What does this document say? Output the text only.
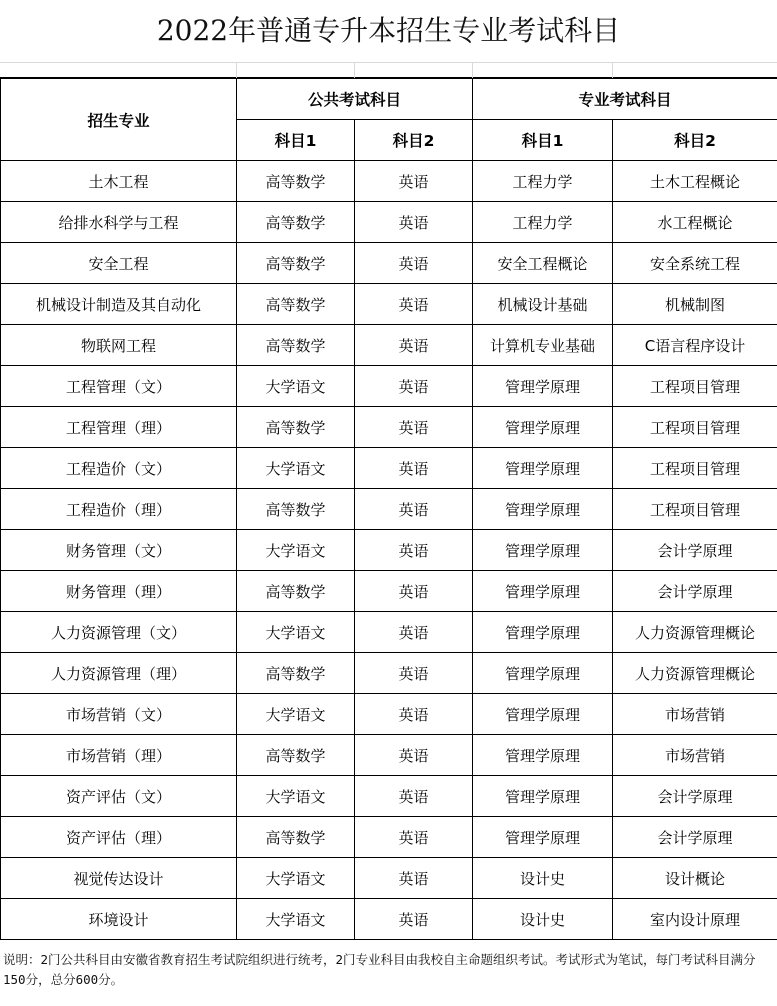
2022年普通专升本招生专业考试科目
招生专业	公共考试科目		专业考试科目	
	科目1	科目2	科目1	科目2
土木工程	高等数学	英语	工程力学	土木工程概论
给排水科学与工程	高等数学	英语	工程力学	水工程概论
安全工程	高等数学	英语	安全工程概论	安全系统工程
机械设计制造及其自动化	高等数学	英语	机械设计基础	机械制图
物联网工程	高等数学	英语	计算机专业基础	C语言程序设计
工程管理（文）	大学语文	英语	管理学原理	工程项目管理
工程管理（理）	高等数学	英语	管理学原理	工程项目管理
工程造价（文）	大学语文	英语	管理学原理	工程项目管理
工程造价（理）	高等数学	英语	管理学原理	工程项目管理
财务管理（文）	大学语文	英语	管理学原理	会计学原理
财务管理（理）	高等数学	英语	管理学原理	会计学原理
人力资源管理（文）	大学语文	英语	管理学原理	人力资源管理概论
人力资源管理（理）	高等数学	英语	管理学原理	人力资源管理概论
市场营销（文）	大学语文	英语	管理学原理	市场营销
市场营销（理）	高等数学	英语	管理学原理	市场营销
资产评估（文）	大学语文	英语	管理学原理	会计学原理
资产评估（理）	高等数学	英语	管理学原理	会计学原理
视觉传达设计	大学语文	英语	设计史	设计概论
环境设计	大学语文	英语	设计史	室内设计原理
说明：2门公共科目由安徽省教育招生考试院组织进行统考，2门专业科目由我校自主命题组织考试。考试形式为笔试，每门考试科目满分150分，总分600分。
